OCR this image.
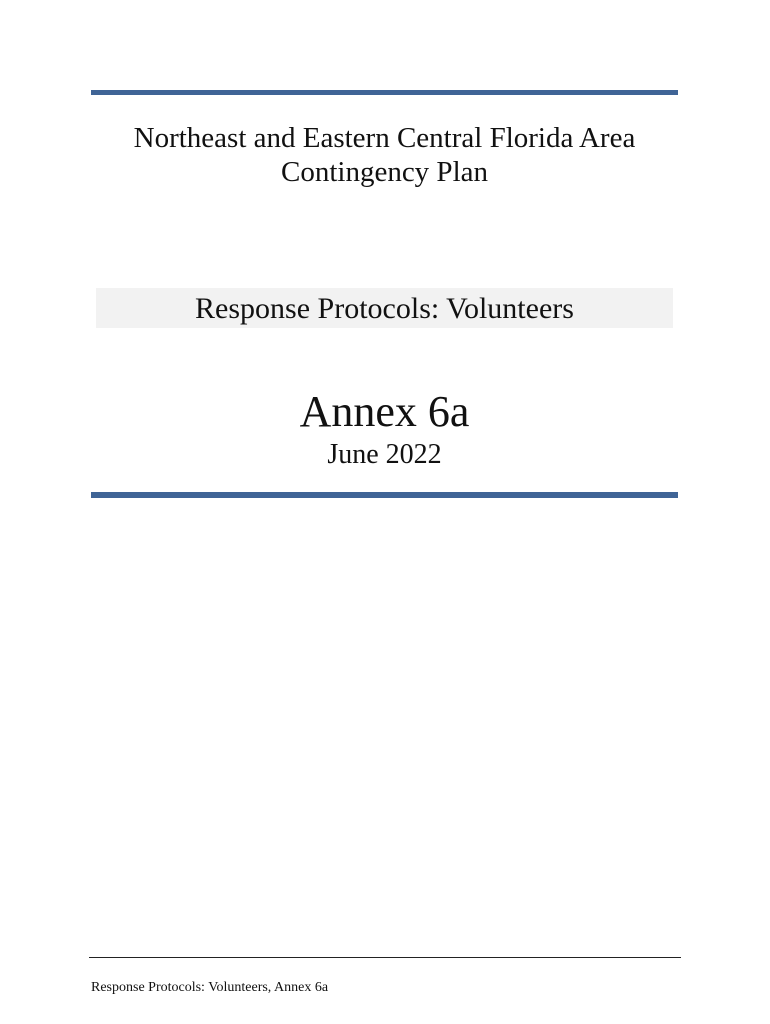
Northeast and Eastern Central Florida Area
Contingency Plan
Response Protocols: Volunteers
Annex 6a
June 2022
Response Protocols: Volunteers, Annex 6a
